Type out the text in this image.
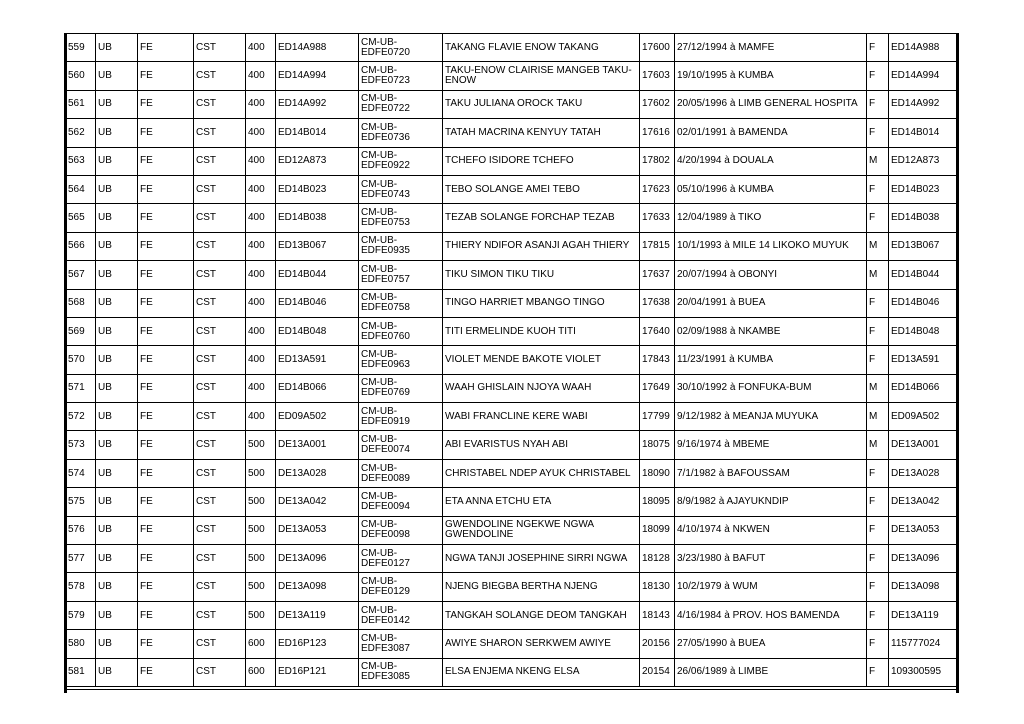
559	UB	FE	CST	400	ED14A988	CM-UB-EDFE0720	TAKANG FLAVIE ENOW TAKANG	17600	27/12/1994 à MAMFE	F	ED14A988
560	UB	FE	CST	400	ED14A994	CM-UB-EDFE0723	TAKU-ENOW CLAIRISE MANGEB TAKU-ENOW	17603	19/10/1995 à KUMBA	F	ED14A994
561	UB	FE	CST	400	ED14A992	CM-UB-EDFE0722	TAKU JULIANA OROCK TAKU	17602	20/05/1996 à LIMB GENERAL HOSPITA	F	ED14A992
562	UB	FE	CST	400	ED14B014	CM-UB-EDFE0736	TATAH MACRINA KENYUY TATAH	17616	02/01/1991 à BAMENDA	F	ED14B014
563	UB	FE	CST	400	ED12A873	CM-UB-EDFE0922	TCHEFO ISIDORE TCHEFO	17802	4/20/1994 à DOUALA	M	ED12A873
564	UB	FE	CST	400	ED14B023	CM-UB-EDFE0743	TEBO SOLANGE AMEI TEBO	17623	05/10/1996 à KUMBA	F	ED14B023
565	UB	FE	CST	400	ED14B038	CM-UB-EDFE0753	TEZAB SOLANGE FORCHAP TEZAB	17633	12/04/1989 à TIKO	F	ED14B038
566	UB	FE	CST	400	ED13B067	CM-UB-EDFE0935	THIERY NDIFOR ASANJI AGAH THIERY	17815	10/1/1993 à MILE 14 LIKOKO MUYUK	M	ED13B067
567	UB	FE	CST	400	ED14B044	CM-UB-EDFE0757	TIKU SIMON TIKU TIKU	17637	20/07/1994 à OBONYI	M	ED14B044
568	UB	FE	CST	400	ED14B046	CM-UB-EDFE0758	TINGO HARRIET MBANGO TINGO	17638	20/04/1991 à BUEA	F	ED14B046
569	UB	FE	CST	400	ED14B048	CM-UB-EDFE0760	TITI ERMELINDE KUOH TITI	17640	02/09/1988 à NKAMBE	F	ED14B048
570	UB	FE	CST	400	ED13A591	CM-UB-EDFE0963	VIOLET MENDE BAKOTE VIOLET	17843	11/23/1991 à KUMBA	F	ED13A591
571	UB	FE	CST	400	ED14B066	CM-UB-EDFE0769	WAAH GHISLAIN NJOYA WAAH	17649	30/10/1992 à FONFUKA-BUM	M	ED14B066
572	UB	FE	CST	400	ED09A502	CM-UB-EDFE0919	WABI FRANCLINE KERE WABI	17799	9/12/1982 à MEANJA MUYUKA	M	ED09A502
573	UB	FE	CST	500	DE13A001	CM-UB-DEFE0074	ABI EVARISTUS NYAH ABI	18075	9/16/1974 à MBEME	M	DE13A001
574	UB	FE	CST	500	DE13A028	CM-UB-DEFE0089	CHRISTABEL NDEP AYUK CHRISTABEL	18090	7/1/1982 à BAFOUSSAM	F	DE13A028
575	UB	FE	CST	500	DE13A042	CM-UB-DEFE0094	ETA ANNA ETCHU ETA	18095	8/9/1982 à AJAYUKNDIP	F	DE13A042
576	UB	FE	CST	500	DE13A053	CM-UB-DEFE0098	GWENDOLINE NGEKWE NGWA GWENDOLINE	18099	4/10/1974 à NKWEN	F	DE13A053
577	UB	FE	CST	500	DE13A096	CM-UB-DEFE0127	NGWA TANJI JOSEPHINE SIRRI NGWA	18128	3/23/1980 à BAFUT	F	DE13A096
578	UB	FE	CST	500	DE13A098	CM-UB-DEFE0129	NJENG BIEGBA BERTHA NJENG	18130	10/2/1979 à WUM	F	DE13A098
579	UB	FE	CST	500	DE13A119	CM-UB-DEFE0142	TANGKAH SOLANGE DEOM TANGKAH	18143	4/16/1984 à PROV. HOS BAMENDA	F	DE13A119
580	UB	FE	CST	600	ED16P123	CM-UB-EDFE3087	AWIYE SHARON SERKWEM AWIYE	20156	27/05/1990 à BUEA	F	115777024
581	UB	FE	CST	600	ED16P121	CM-UB-EDFE3085	ELSA ENJEMA NKENG ELSA	20154	26/06/1989 à LIMBE	F	109300595
